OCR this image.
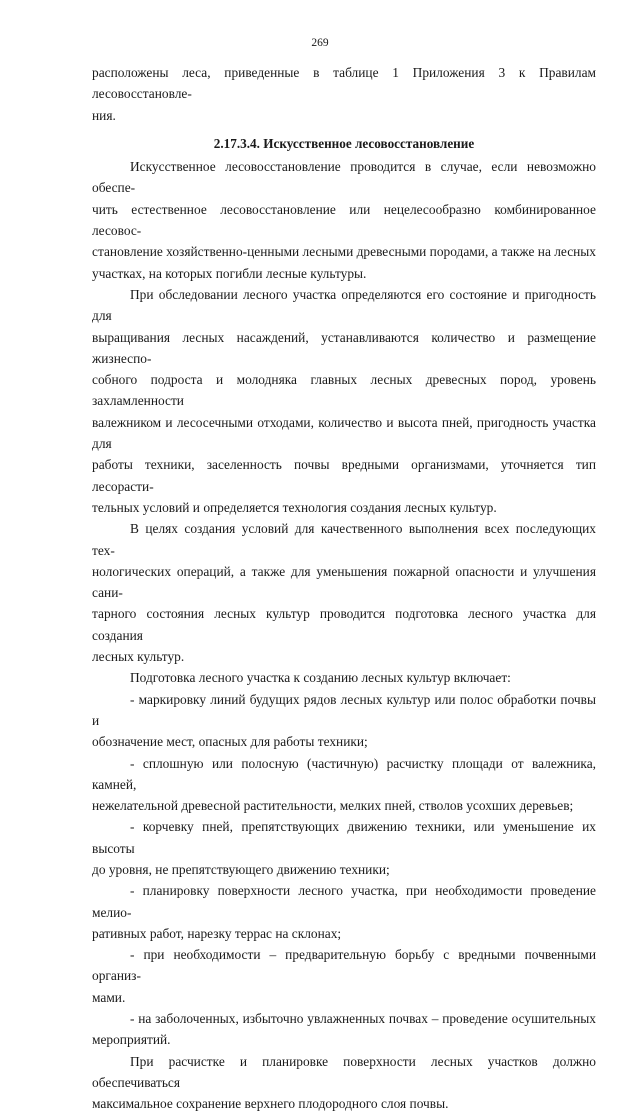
269

расположены леса, приведенные в таблице 1 Приложения 3 к Правилам лесовосстановле-
ния.

2.17.3.4. Искусственное лесовосстановление

Искусственное лесовосстановление проводится в случае, если невозможно обеспе-
чить естественное лесовосстановление или нецелесообразно комбинированное лесовос-
становление хозяйственно-ценными лесными древесными породами, а также на лесных
участках, на которых погибли лесные культуры.

При обследовании лесного участка определяются его состояние и пригодность для
выращивания лесных насаждений, устанавливаются количество и размещение жизнеспо-
собного подроста и молодняка главных лесных древесных пород, уровень захламленности
валежником и лесосечными отходами, количество и высота пней, пригодность участка для
работы техники, заселенность почвы вредными организмами, уточняется тип лесорасти-
тельных условий и определяется технология создания лесных культур.

В целях создания условий для качественного выполнения всех последующих тех-
нологических операций, а также для уменьшения пожарной опасности и улучшения сани-
тарного состояния лесных культур проводится подготовка лесного участка для создания
лесных культур.

Подготовка лесного участка к созданию лесных культур включает:

- маркировку линий будущих рядов лесных культур или полос обработки почвы и
обозначение мест, опасных для работы техники;

- сплошную или полосную (частичную) расчистку площади от валежника, камней,
нежелательной древесной растительности, мелких пней, стволов усохших деревьев;

- корчевку пней, препятствующих движению техники, или уменьшение их высоты
до уровня, не препятствующего движению техники;

- планировку поверхности лесного участка, при необходимости проведение мелио-
ративных работ, нарезку террас на склонах;

- при необходимости – предварительную борьбу с вредными почвенными организ-
мами.

- на заболоченных, избыточно увлажненных почвах – проведение осушительных
мероприятий.

При расчистке и планировке поверхности лесных участков должно обеспечиваться
максимальное сохранение верхнего плодородного слоя почвы.
